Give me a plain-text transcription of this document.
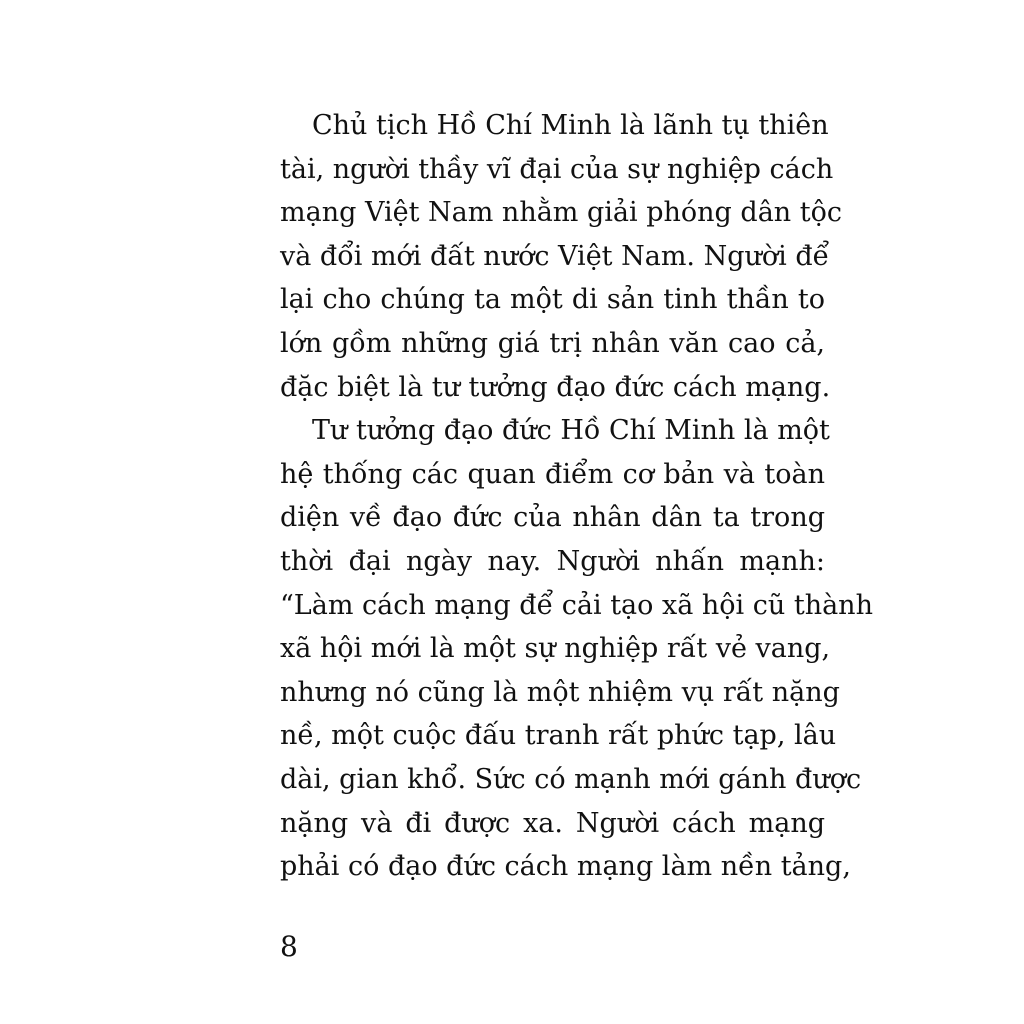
Chủ tịch Hồ Chí Minh là lãnh tụ thiên
tài, người thầy vĩ đại của sự nghiệp cách
mạng Việt Nam nhằm giải phóng dân tộc
và đổi mới đất nước Việt Nam. Người để
lại cho chúng ta một di sản tinh thần to
lớn gồm những giá trị nhân văn cao cả,
đặc biệt là tư tưởng đạo đức cách mạng.
Tư tưởng đạo đức Hồ Chí Minh là một
hệ thống các quan điểm cơ bản và toàn
diện về đạo đức của nhân dân ta trong
thời đại ngày nay. Người nhấn mạnh:
“Làm cách mạng để cải tạo xã hội cũ thành
xã hội mới là một sự nghiệp rất vẻ vang,
nhưng nó cũng là một nhiệm vụ rất nặng
nề, một cuộc đấu tranh rất phức tạp, lâu
dài, gian khổ. Sức có mạnh mới gánh được
nặng và đi được xa. Người cách mạng
phải có đạo đức cách mạng làm nền tảng,
8
